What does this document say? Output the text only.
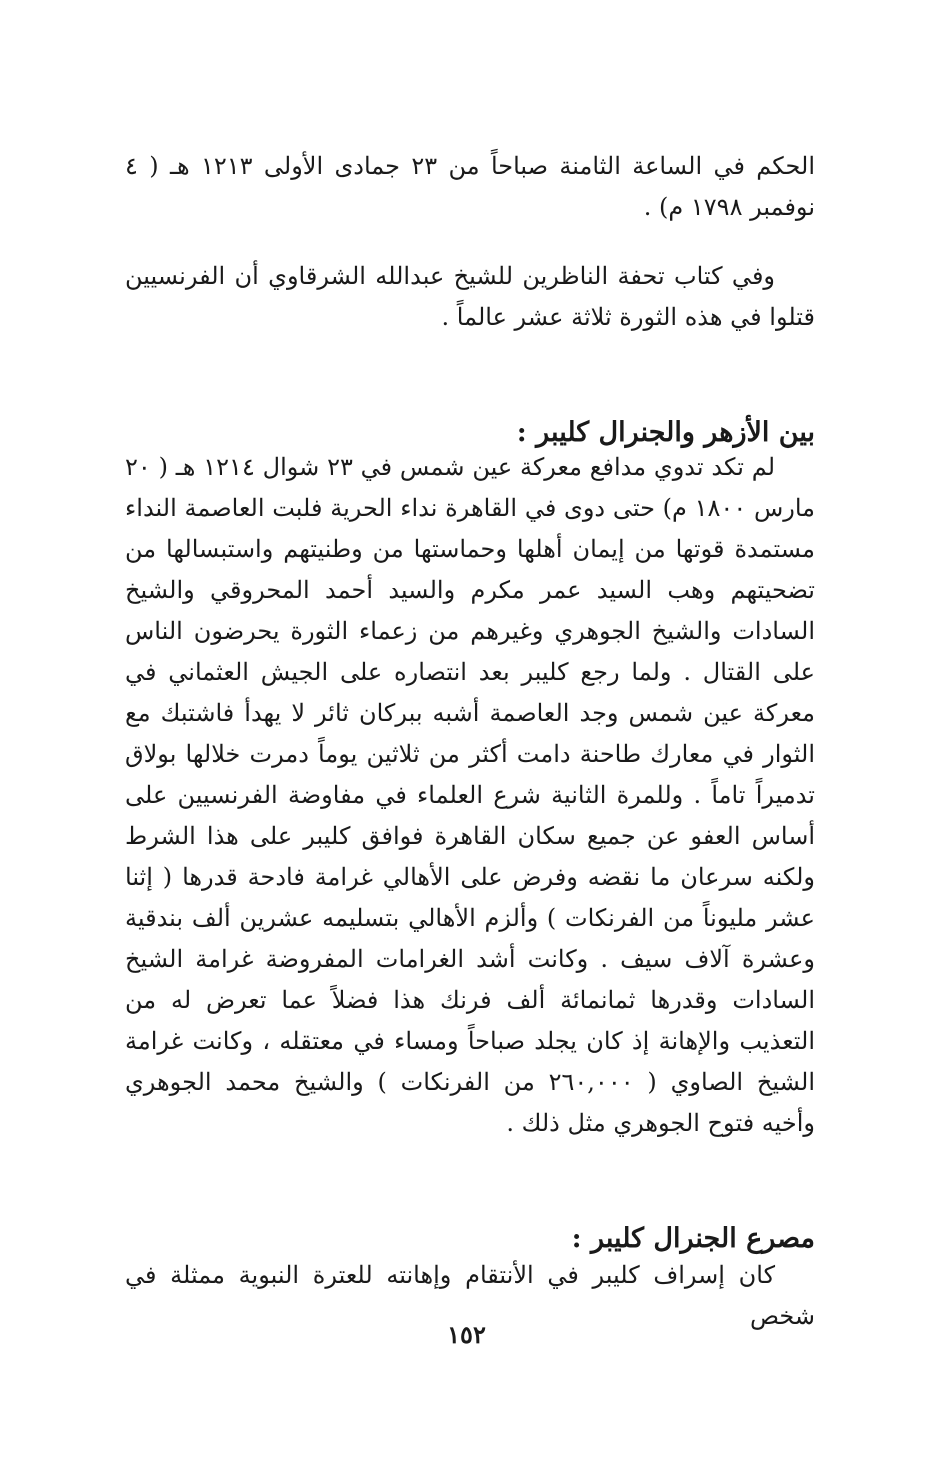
الحكم في الساعة الثامنة صباحاً من ٢٣ جمادى الأولى ١٢١٣ هـ ( ٤ نوفمبر ١٧٩٨ م) .

وفي كتاب تحفة الناظرين للشيخ عبدالله الشرقاوي أن الفرنسيين قتلوا في هذه الثورة ثلاثة عشر عالماً .

بين الأزهر والجنرال كليبر :

لم تكد تدوي مدافع معركة عين شمس في ٢٣ شوال ١٢١٤ هـ ( ٢٠ مارس ١٨٠٠ م) حتى دوى في القاهرة نداء الحرية فلبت العاصمة النداء مستمدة قوتها من إيمان أهلها وحماستها من وطنيتهم واستبسالها من تضحيتهم وهب السيد عمر مكرم والسيد أحمد المحروقي والشيخ السادات والشيخ الجوهري وغيرهم من زعماء الثورة يحرضون الناس على القتال . ولما رجع كليبر بعد انتصاره على الجيش العثماني في معركة عين شمس وجد العاصمة أشبه ببركان ثائر لا يهدأ فاشتبك مع الثوار في معارك طاحنة دامت أكثر من ثلاثين يوماً دمرت خلالها بولاق تدميراً تاماً . وللمرة الثانية شرع العلماء في مفاوضة الفرنسيين على أساس العفو عن جميع سكان القاهرة فوافق كليبر على هذا الشرط ولكنه سرعان ما نقضه وفرض على الأهالي غرامة فادحة قدرها ( إثنا عشر مليوناً من الفرنكات ) وألزم الأهالي بتسليمه عشرين ألف بندقية وعشرة آلاف سيف . وكانت أشد الغرامات المفروضة غرامة الشيخ السادات وقدرها ثمانمائة ألف فرنك هذا فضلاً عما تعرض له من التعذيب والإهانة إذ كان يجلد صباحاً ومساء في معتقله ، وكانت غرامة الشيخ الصاوي ( ٢٦٠,٠٠٠ من الفرنكات ) والشيخ محمد الجوهري وأخيه فتوح الجوهري مثل ذلك .

مصرع الجنرال كليبر :

كان إسراف كليبر في الأنتقام وإهانته للعترة النبوية ممثلة في شخص

١٥٢
